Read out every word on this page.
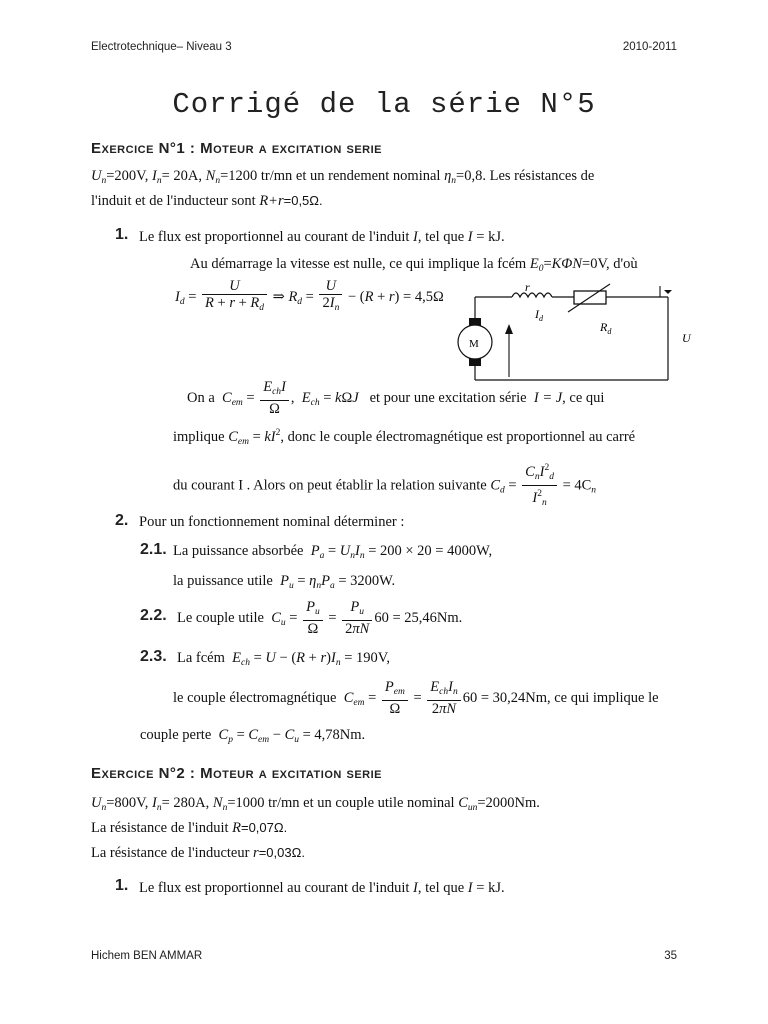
Electrotechnique– Niveau 3	2010-2011
Corrigé de la série N°5
Exercice N°1 : Moteur a excitation serie
$U_n=200V$, $I_n= 20A$, $N_n=1200$ tr/mn et un rendement nominal $\eta_n=0,8$. Les résistances de
l'induit et de l'inducteur sont R+r=0,5Ω.
1. Le flux est proportionnel au courant de l'induit I, tel que I = kJ.
Au démarrage la vitesse est nulle, ce qui implique la fcém $E_0=K\Phi N=0V$, d'où
$I_d = \frac{U}{R + r + R_d}$ ⇒ $R_d = \frac{U}{2I_n} - (R + r) = 4,5\Omega$
M
r
$I_d$
$R_d$	U
On a $C_{em} = \frac{E_{ch}I}{\Omega}$ ,  $E_{ch} = k\Omega J$ et pour une excitation série I = J, ce qui
implique $C_{em} = kI^2$, donc le couple électromagnétique est proportionnel au carré
du courant I . Alors on peut établir la relation suivante $C_d = \frac{C_nI^2_d}{I^2_n} = 4C_n$
2. Pour un fonctionnement nominal déterminer :
2.1. La puissance absorbée $P_a = U_nI_n = 200 \times 20 = 4000W$,
la puissance utile $P_u = \eta_nP_a = 3200W$.
2.2. Le couple utile $C_u = \frac{P_u}{\Omega} = \frac{P_u}{2\pi N} 60 = 25,46Nm$.
2.3. La fcém $E_{ch} = U - (R + r)I_n = 190V$,
le couple électromagnétique $C_{em} = \frac{P_{em}}{\Omega} = \frac{E_{ch}I_n}{2\pi N} 60 = 30,24Nm$, ce qui implique le
couple perte $C_p = C_{em} - C_u = 4,78Nm$.
Exercice N°2 : Moteur a excitation serie
$U_n=800V$, $I_n= 280A$, $N_n=1000$ tr/mn et un couple utile nominal $C_{un}=2000Nm$.
La résistance de l'induit R=0,07Ω.
La résistance de l'inducteur r=0,03Ω.
1. Le flux est proportionnel au courant de l'induit I, tel que I = kJ.
Hichem BEN AMMAR	35
